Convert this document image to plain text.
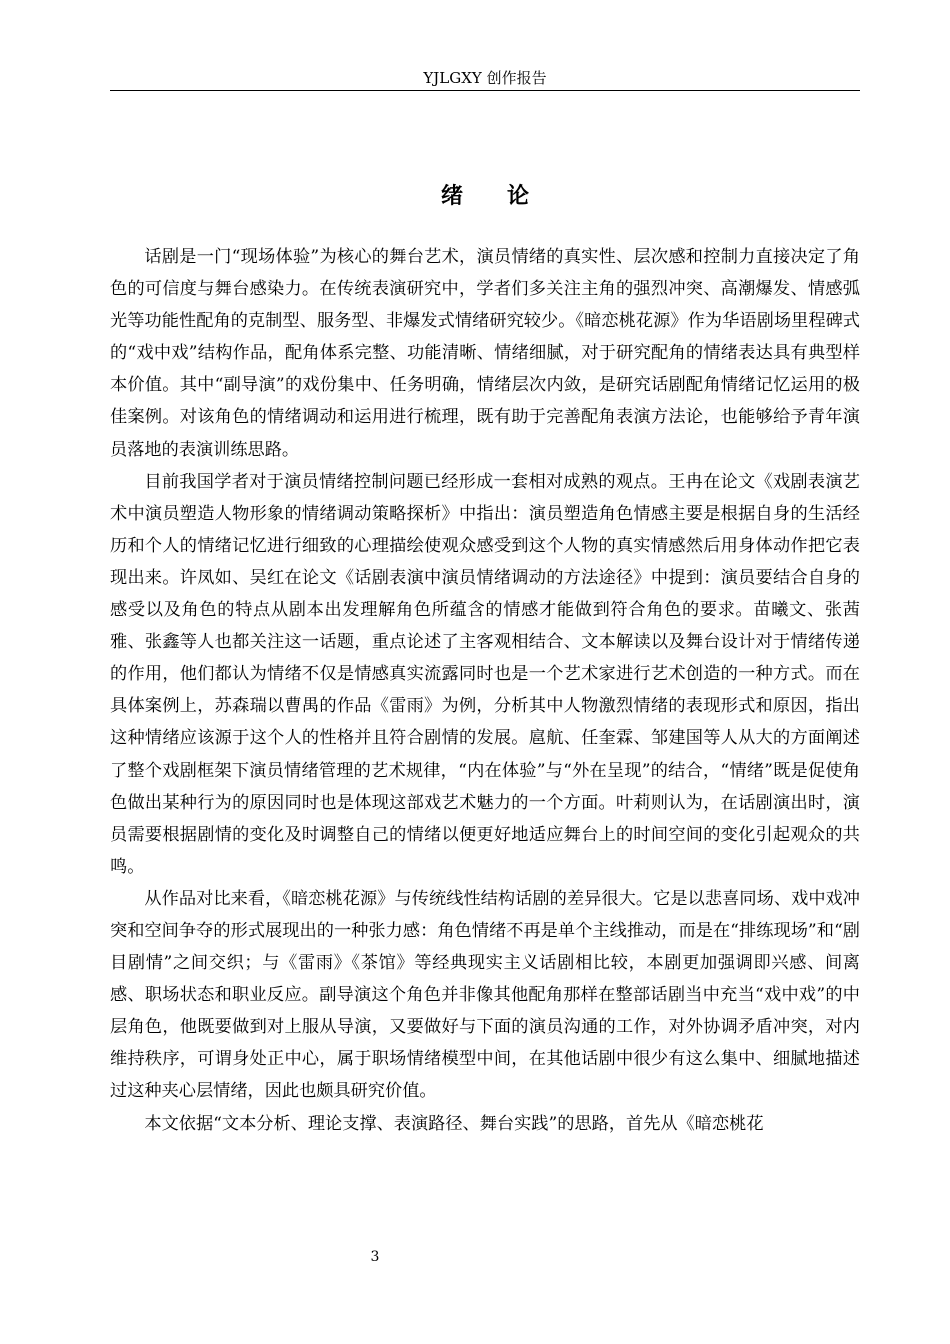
YJLGXY 创作报告
绪论

话剧是一门“现场体验”为核心的舞台艺术，演员情绪的真实性、层次感和控制力直接决定了角色的可信度与舞台感染力。在传统表演研究中，学者们多关注主角的强烈冲突、高潮爆发、情感弧光等功能性配角的克制型、服务型、非爆发式情绪研究较少。《暗恋桃花源》作为华语剧场里程碑式的“戏中戏”结构作品，配角体系完整、功能清晰、情绪细腻，对于研究配角的情绪表达具有典型样本价值。其中“副导演”的戏份集中、任务明确，情绪层次内敛，是研究话剧配角情绪记忆运用的极佳案例。对该角色的情绪调动和运用进行梳理，既有助于完善配角表演方法论，也能够给予青年演员落地的表演训练思路。

目前我国学者对于演员情绪控制问题已经形成一套相对成熟的观点。王冉在论文《戏剧表演艺术中演员塑造人物形象的情绪调动策略探析》中指出：演员塑造角色情感主要是根据自身的生活经历和个人的情绪记忆进行细致的心理描绘使观众感受到这个人物的真实情感然后用身体动作把它表现出来。许凤如、吴红在论文《话剧表演中演员情绪调动的方法途径》中提到：演员要结合自身的感受以及角色的特点从剧本出发理解角色所蕴含的情感才能做到符合角色的要求。苗曦文、张茜雅、张鑫等人也都关注这一话题，重点论述了主客观相结合、文本解读以及舞台设计对于情绪传递的作用，他们都认为情绪不仅是情感真实流露同时也是一个艺术家进行艺术创造的一种方式。而在具体案例上，苏森瑞以曹禺的作品《雷雨》为例，分析其中人物激烈情绪的表现形式和原因，指出这种情绪应该源于这个人的性格并且符合剧情的发展。扈航、任奎霖、邹建国等人从大的方面阐述了整个戏剧框架下演员情绪管理的艺术规律，“内在体验”与“外在呈现”的结合，“情绪”既是促使角色做出某种行为的原因同时也是体现这部戏艺术魅力的一个方面。叶莉则认为，在话剧演出时，演员需要根据剧情的变化及时调整自己的情绪以便更好地适应舞台上的时间空间的变化引起观众的共鸣。

从作品对比来看，《暗恋桃花源》与传统线性结构话剧的差异很大。它是以悲喜同场、戏中戏冲突和空间争夺的形式展现出的一种张力感：角色情绪不再是单个主线推动，而是在“排练现场”和“剧目剧情”之间交织；与《雷雨》《茶馆》等经典现实主义话剧相比较，本剧更加强调即兴感、间离感、职场状态和职业反应。副导演这个角色并非像其他配角那样在整部话剧当中充当“戏中戏”的中层角色，他既要做到对上服从导演，又要做好与下面的演员沟通的工作，对外协调矛盾冲突，对内维持秩序，可谓身处正中心，属于职场情绪模型中间，在其他话剧中很少有这么集中、细腻地描述过这种夹心层情绪，因此也颇具研究价值。

本文依据“文本分析、理论支撑、表演路径、舞台实践”的思路，首先从《暗恋桃花

3
